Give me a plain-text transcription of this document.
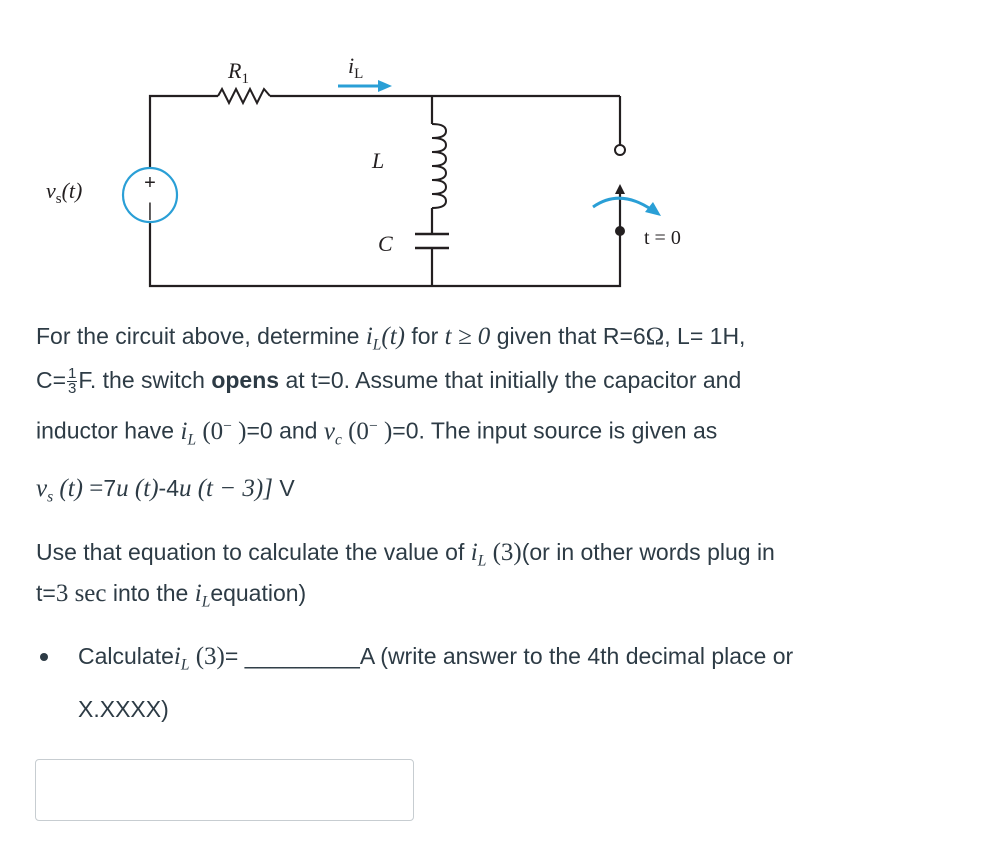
+
|
$R_1$
$i_L$
L
C
$v_s(t)$
t = 0
For the circuit above, determine $i_L(t)$ for t ≥ 0 given that R=6Ω, L= 1H,
$C= \frac{1}{3} F$. the switch opens at t=0. Assume that initially the capacitor and
inductor have $i_L$ (0− )=0 and $v_c$ (0− )=0. The input source is given as
$v_s$ (t) =7u (t)-4u (t − 3)] V
Use that equation to calculate the value of $i_L$ (3)(or in other words plug in
t=3 sec into the $i_Lequation$)
Calculatei$_L$ (3)= _________A (write answer to the 4th decimal place or
X.XXXX)
